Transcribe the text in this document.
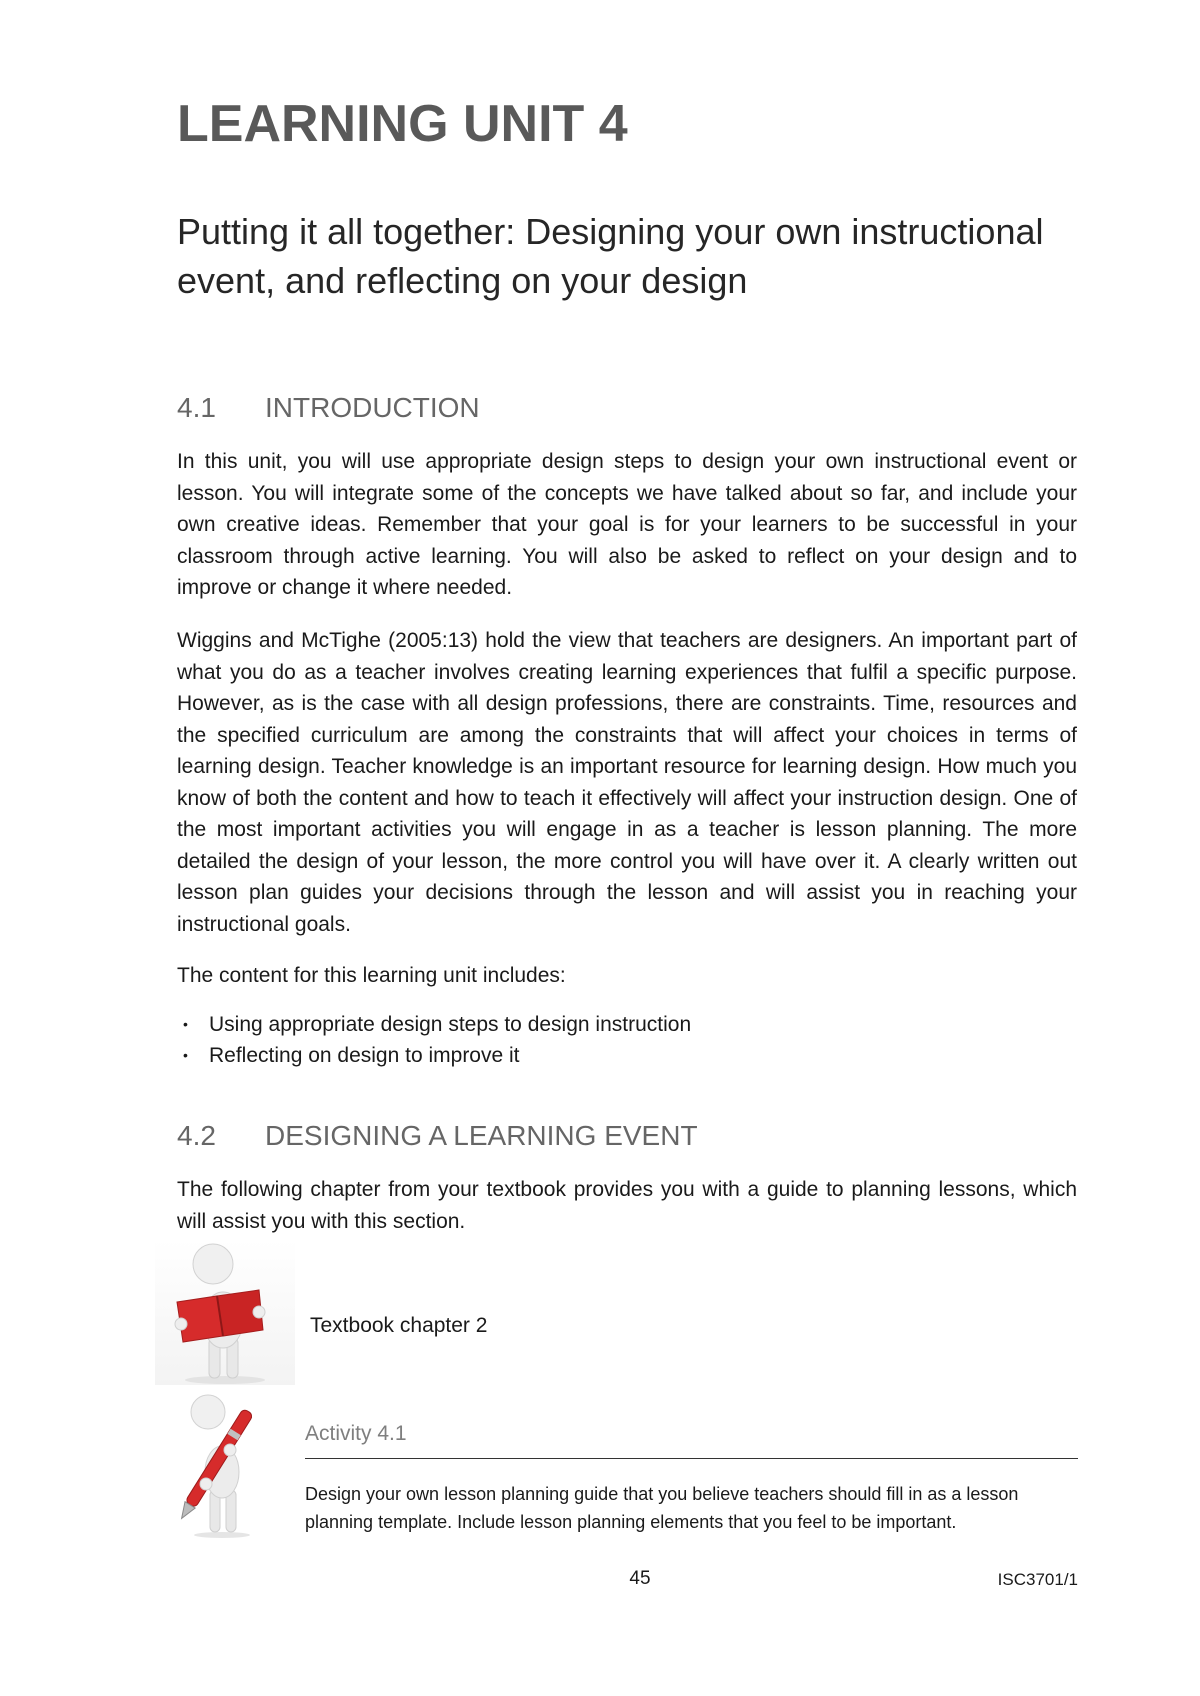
LEARNING UNIT 4
Putting it all together: Designing your own instructional event, and reflecting on your design
4.1 INTRODUCTION

In this unit, you will use appropriate design steps to design your own instructional event or lesson. You will integrate some of the concepts we have talked about so far, and include your own creative ideas. Remember that your goal is for your learners to be successful in your classroom through active learning. You will also be asked to reflect on your design and to improve or change it where needed.

Wiggins and McTighe (2005:13) hold the view that teachers are designers. An important part of what you do as a teacher involves creating learning experiences that fulfil a specific purpose. However, as is the case with all design professions, there are constraints. Time, resources and the specified curriculum are among the constraints that will affect your choices in terms of learning design. Teacher knowledge is an important resource for learning design. How much you know of both the content and how to teach it effectively will affect your instruction design. One of the most important activities you will engage in as a teacher is lesson planning. The more detailed the design of your lesson, the more control you will have over it. A clearly written out lesson plan guides your decisions through the lesson and will assist you in reaching your instructional goals.

The content for this learning unit includes:

• Using appropriate design steps to design instruction
• Reflecting on design to improve it
4.2 DESIGNING A LEARNING EVENT

The following chapter from your textbook provides you with a guide to planning lessons, which will assist you with this section.

Textbook chapter 2
Activity 4.1

Design your own lesson planning guide that you believe teachers should fill in as a lesson planning template. Include lesson planning elements that you feel to be important.

45	ISC3701/1
